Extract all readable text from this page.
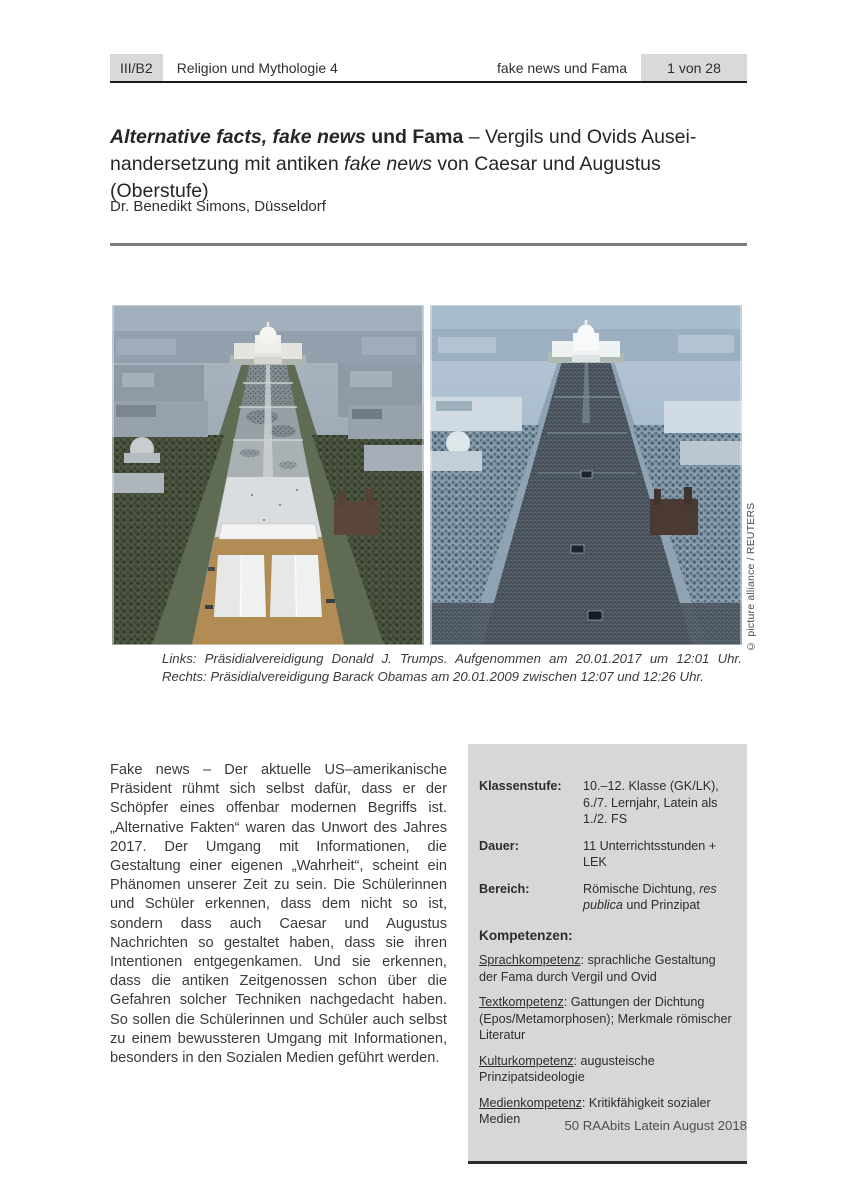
III/B2	Religion und Mythologie 4	fake news und Fama	1 von 28
Alternative facts, fake news und Fama – Vergils und Ovids Ausei-
nandersetzung mit antiken fake news von Caesar und Augustus (Oberstufe)
Dr. Benedikt Simons, Düsseldorf
© picture alliance / REUTERS
Links: Präsidialvereidigung Donald J. Trumps. Aufgenommen am 20.01.2017 um 12:01 Uhr.
Rechts: Präsidialvereidigung Barack Obamas am 20.01.2009 zwischen 12:07 und 12:26 Uhr.
Fake news – Der aktuelle US–amerikanische Präsident rühmt sich selbst dafür, dass er der Schöpfer eines offenbar modernen Begriffs ist. „Alternative Fakten“ waren das Unwort des Jahres 2017. Der Umgang mit Informationen, die Gestaltung einer eigenen „Wahrheit“, scheint ein Phänomen unserer Zeit zu sein. Die Schülerinnen und Schüler erkennen, dass dem nicht so ist, sondern dass auch Caesar und Augustus Nachrichten so gestaltet haben, dass sie ihren Intentionen entgegenkamen. Und sie erkennen, dass die antiken Zeitgenossen schon über die Gefahren solcher Techniken nachgedacht haben. So sollen die Schülerinnen und Schüler auch selbst zu einem bewussteren Umgang mit Informationen, besonders in den Sozialen Medien geführt werden.
Klassenstufe:	10.–12. Klasse (GK/LK), 6./7. Lernjahr, Latein als 1./2. FS
Dauer:	11 Unterrichtsstunden + LEK
Bereich:	Römische Dichtung, res publica und Prinzipat
Kompetenzen:
Sprachkompetenz: sprachliche Gestaltung der Fama durch Vergil und Ovid
Textkompetenz: Gattungen der Dichtung (Epos/Metamorphosen); Merkmale römischer Literatur
Kulturkompetenz: augusteische Prinzipatsideologie
Medienkompetenz: Kritikfähigkeit sozialer Medien	50 RAAbits Latein August 2018
